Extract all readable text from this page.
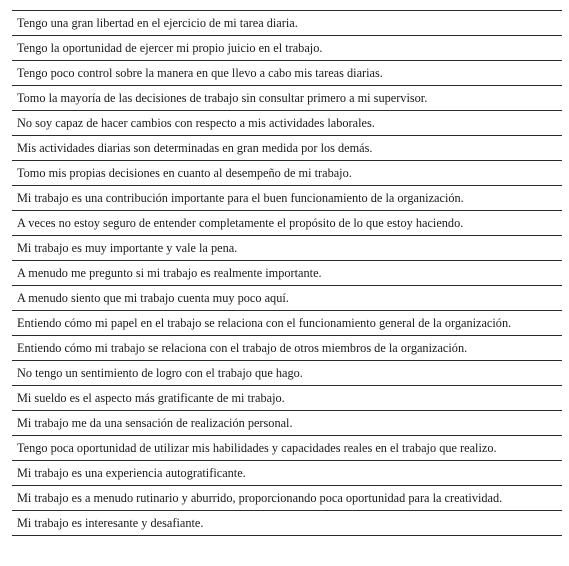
Tengo una gran libertad en el ejercicio de mi tarea diaria.
Tengo la oportunidad de ejercer mi propio juicio en el trabajo.
Tengo poco control sobre la manera en que llevo a cabo mis tareas diarias.
Tomo la mayoría de las decisiones de trabajo sin consultar primero a mi supervisor.
No soy capaz de hacer cambios con respecto a mis actividades laborales.
Mis actividades diarias son determinadas en gran medida por los demás.
Tomo mis propias decisiones en cuanto al desempeño de mi trabajo.
Mi trabajo es una contribución importante para el buen funcionamiento de la organización.
A veces no estoy seguro de entender completamente el propósito de lo que estoy haciendo.
Mi trabajo es muy importante y vale la pena.
A menudo me pregunto si mi trabajo es realmente importante.
A menudo siento que mi trabajo cuenta muy poco aquí.
Entiendo cómo mi papel en el trabajo se relaciona con el funcionamiento general de la organización.
Entiendo cómo mi trabajo se relaciona con el trabajo de otros miembros de la organización.
No tengo un sentimiento de logro con el trabajo que hago.
Mi sueldo es el aspecto más gratificante de mi trabajo.
Mi trabajo me da una sensación de realización personal.
Tengo poca oportunidad de utilizar mis habilidades y capacidades reales en el trabajo que realizo.
Mi trabajo es una experiencia autogratificante.
Mi trabajo es a menudo rutinario y aburrido, proporcionando poca oportunidad para la creatividad.
Mi trabajo es interesante y desafiante.
